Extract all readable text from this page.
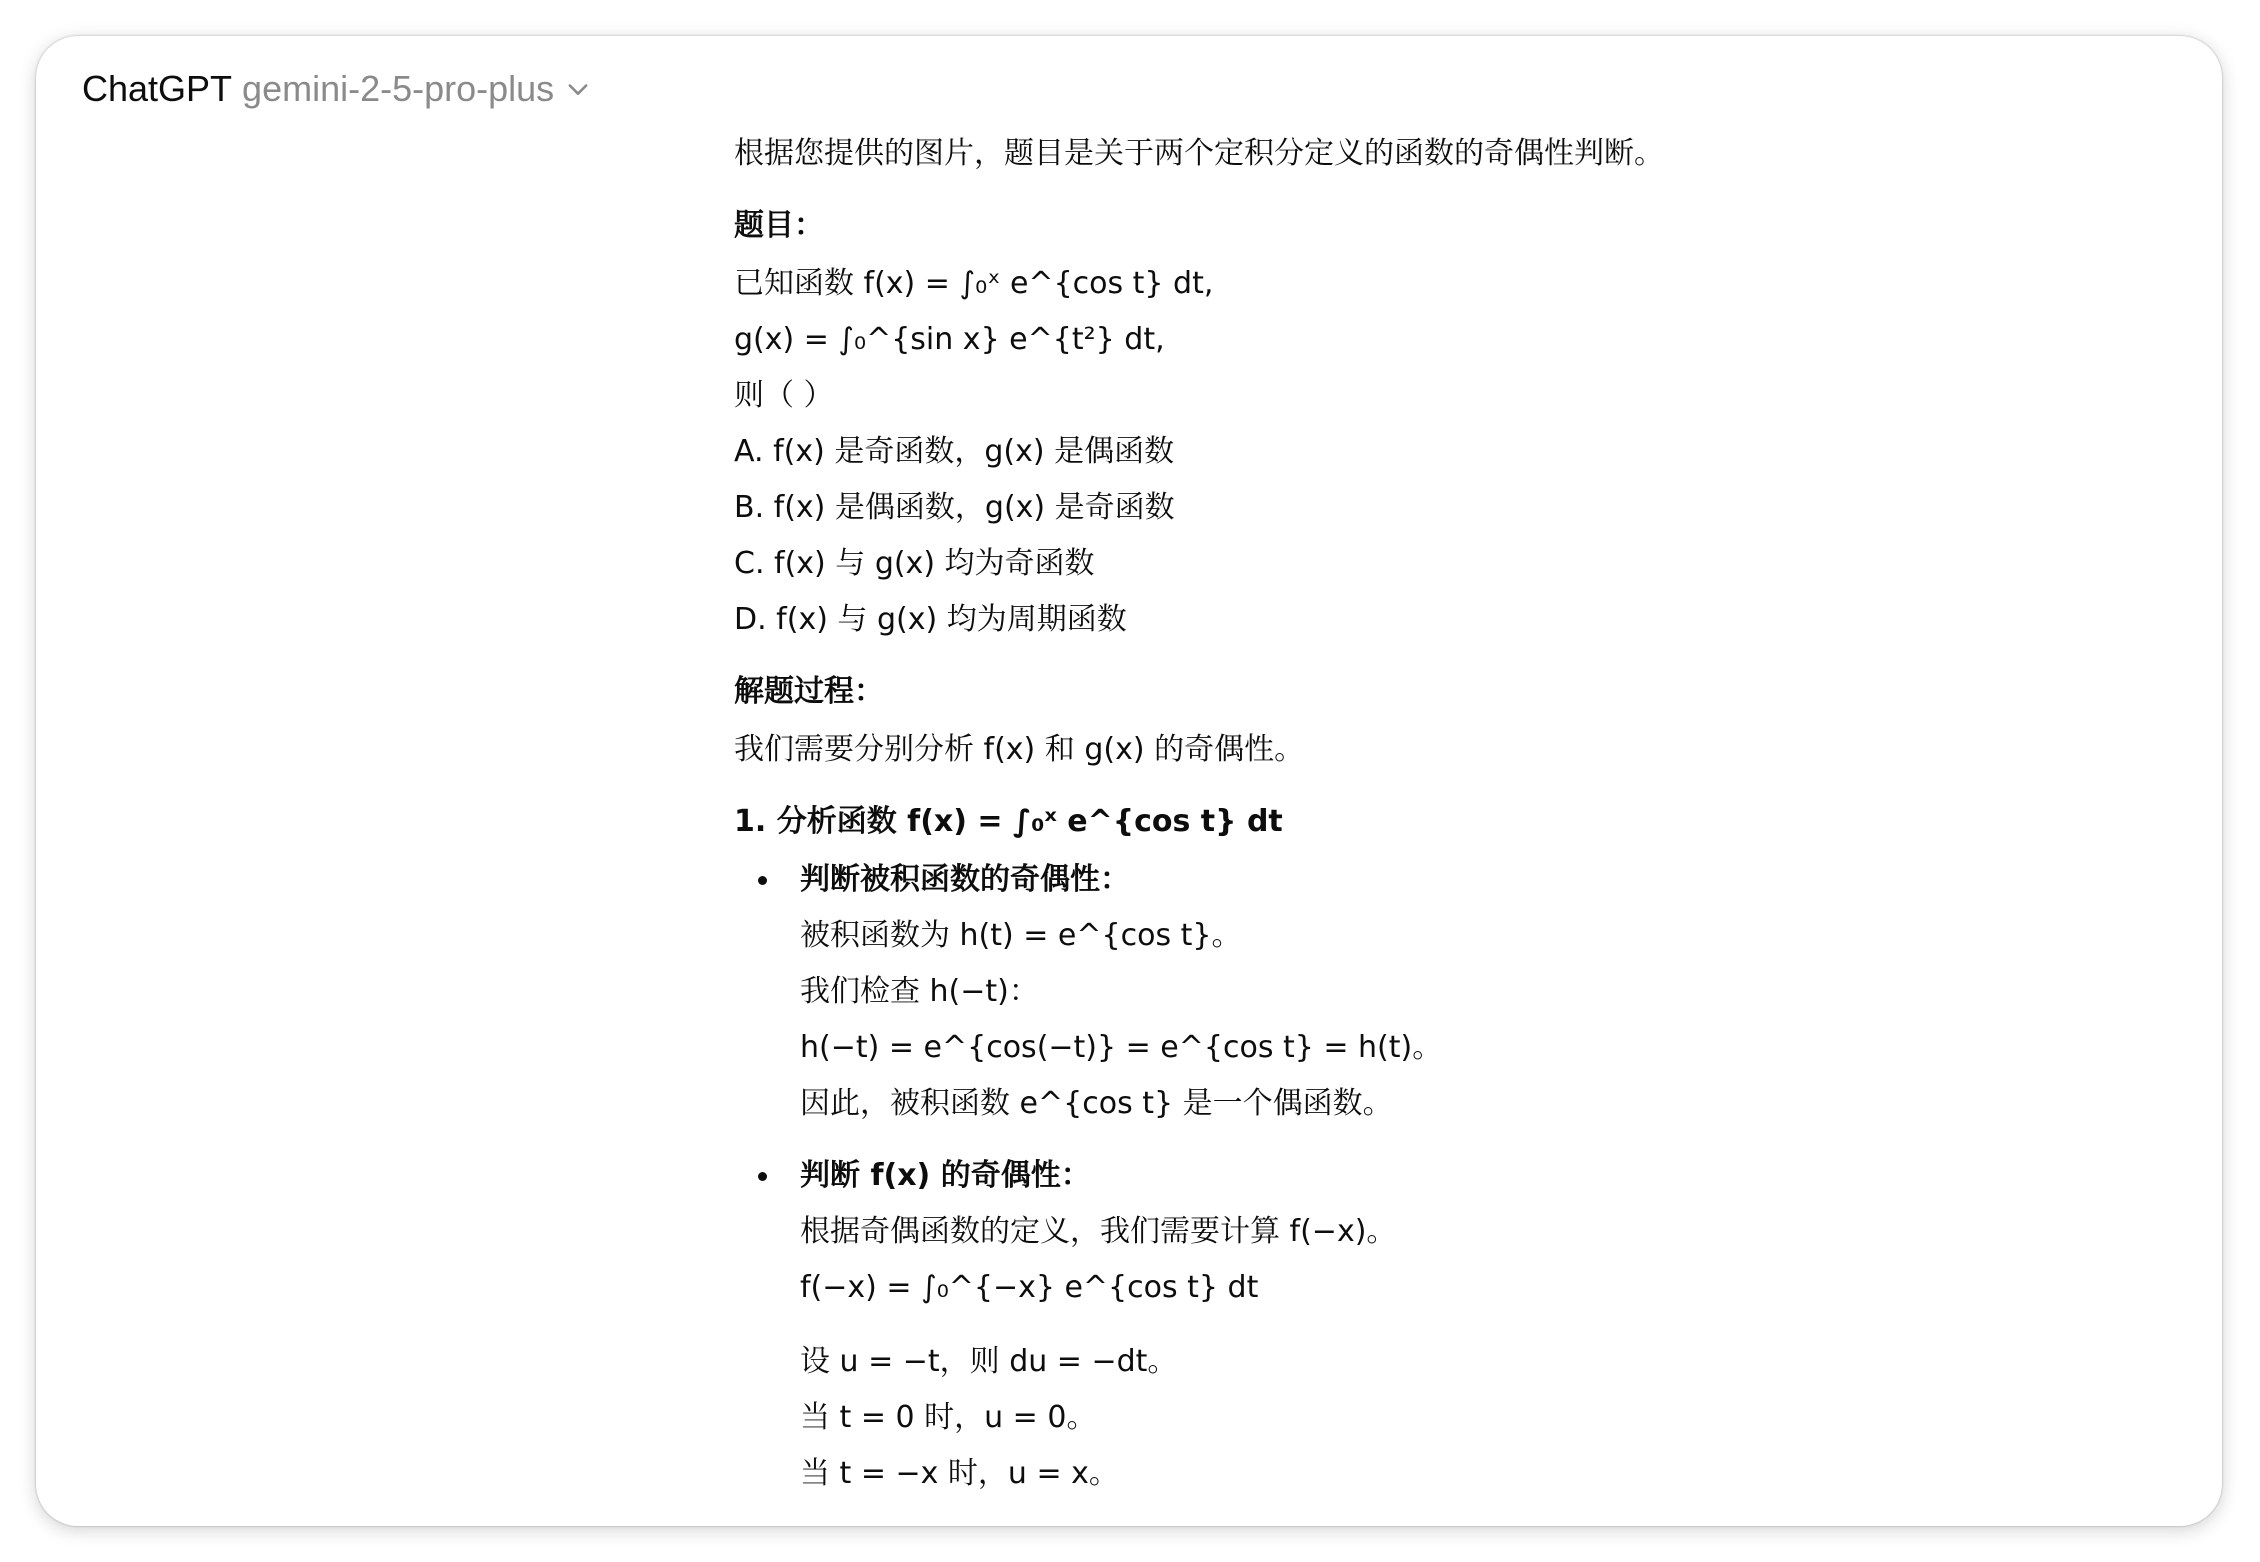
ChatGPT gemini-2-5-pro-plus

根据您提供的图片，题目是关于两个定积分定义的函数的奇偶性判断。

题目：

已知函数 f(x) = ∫₀ˣ e^{cos t} dt,

g(x) = ∫₀^{sin x} e^{t²} dt,

则（ ）

A. f(x) 是奇函数，g(x) 是偶函数

B. f(x) 是偶函数，g(x) 是奇函数

C. f(x) 与 g(x) 均为奇函数

D. f(x) 与 g(x) 均为周期函数

解题过程：

我们需要分别分析 f(x) 和 g(x) 的奇偶性。

1. 分析函数 f(x) = ∫₀ˣ e^{cos t} dt

判断被积函数的奇偶性：
被积函数为 h(t) = e^{cos t}。
我们检查 h(−t)：
h(−t) = e^{cos(−t)} = e^{cos t} = h(t)。
因此，被积函数 e^{cos t} 是一个偶函数。
判断 f(x) 的奇偶性：
根据奇偶函数的定义，我们需要计算 f(−x)。
f(−x) = ∫₀^{−x} e^{cos t} dt
设 u = −t，则 du = −dt。
当 t = 0 时，u = 0。
当 t = −x 时，u = x。
